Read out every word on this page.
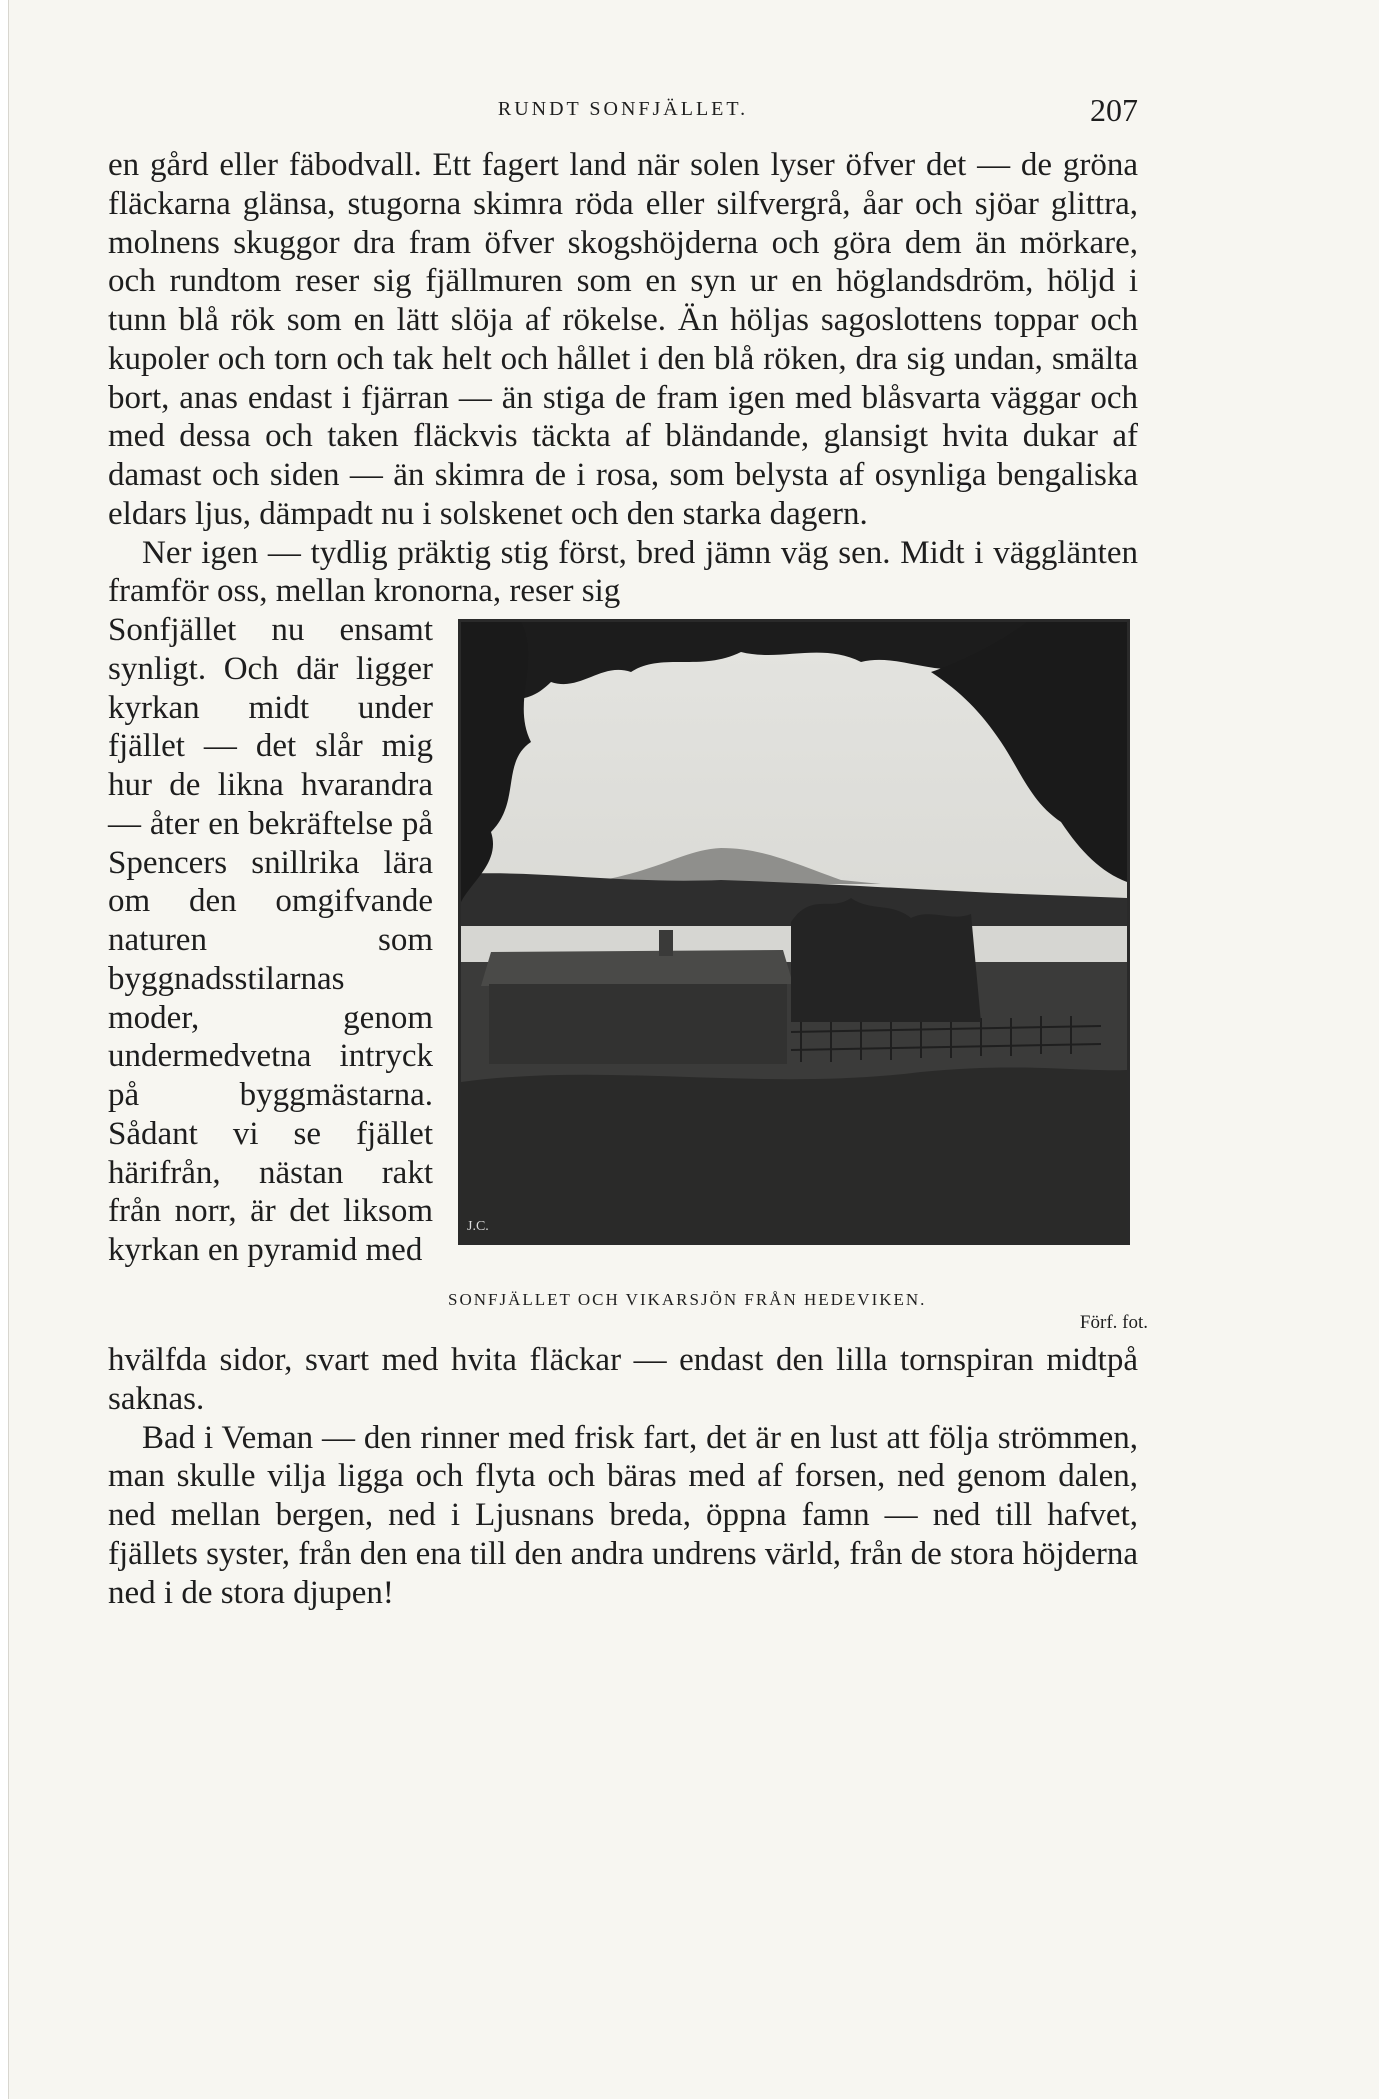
RUNDT SONFJÄLLET.	207

en gård eller fäbodvall. Ett fagert land när solen lyser öfver det — de gröna fläckarna glänsa, stugorna skimra röda eller silfvergrå, åar och sjöar glittra, molnens skuggor dra fram öfver skogshöjderna och göra dem än mörkare, och rundtom reser sig fjällmuren som en syn ur en höglandsdröm, höljd i tunn blå rök som en lätt slöja af rökelse. Än höljas sagoslottens toppar och kupoler och torn och tak helt och hållet i den blå röken, dra sig undan, smälta bort, anas endast i fjärran — än stiga de fram igen med blåsvarta väggar och med dessa och taken fläckvis täckta af bländande, glansigt hvita dukar af damast och siden — än skimra de i rosa, som belysta af osynliga bengaliska eldars ljus, dämpadt nu i solskenet och den starka dagern.

Ner igen — tydlig präktig stig först, bred jämn väg sen. Midt i vägglänten framför oss, mellan kronorna, reser sig

J.C.
SONFJÄLLET OCH VIKARSJÖN FRÅN HEDEVIKEN.
Förf. fot.

Sonfjället nu ensamt synligt. Och där ligger kyrkan midt under fjället — det slår mig hur de likna hvarandra — åter en bekräftelse på Spencers snillrika lära om den omgifvande naturen som byggnadsstilarnas moder, genom undermedvetna intryck på byggmästarna. Sådant vi se fjället härifrån, nästan rakt från norr, är det liksom kyrkan en pyramid med

hvälfda sidor, svart med hvita fläckar — endast den lilla tornspiran midtpå saknas.

Bad i Veman — den rinner med frisk fart, det är en lust att följa strömmen, man skulle vilja ligga och flyta och bäras med af forsen, ned genom dalen, ned mellan bergen, ned i Ljusnans breda, öppna famn — ned till hafvet, fjällets syster, från den ena till den andra undrens värld, från de stora höjderna ned i de stora djupen!
